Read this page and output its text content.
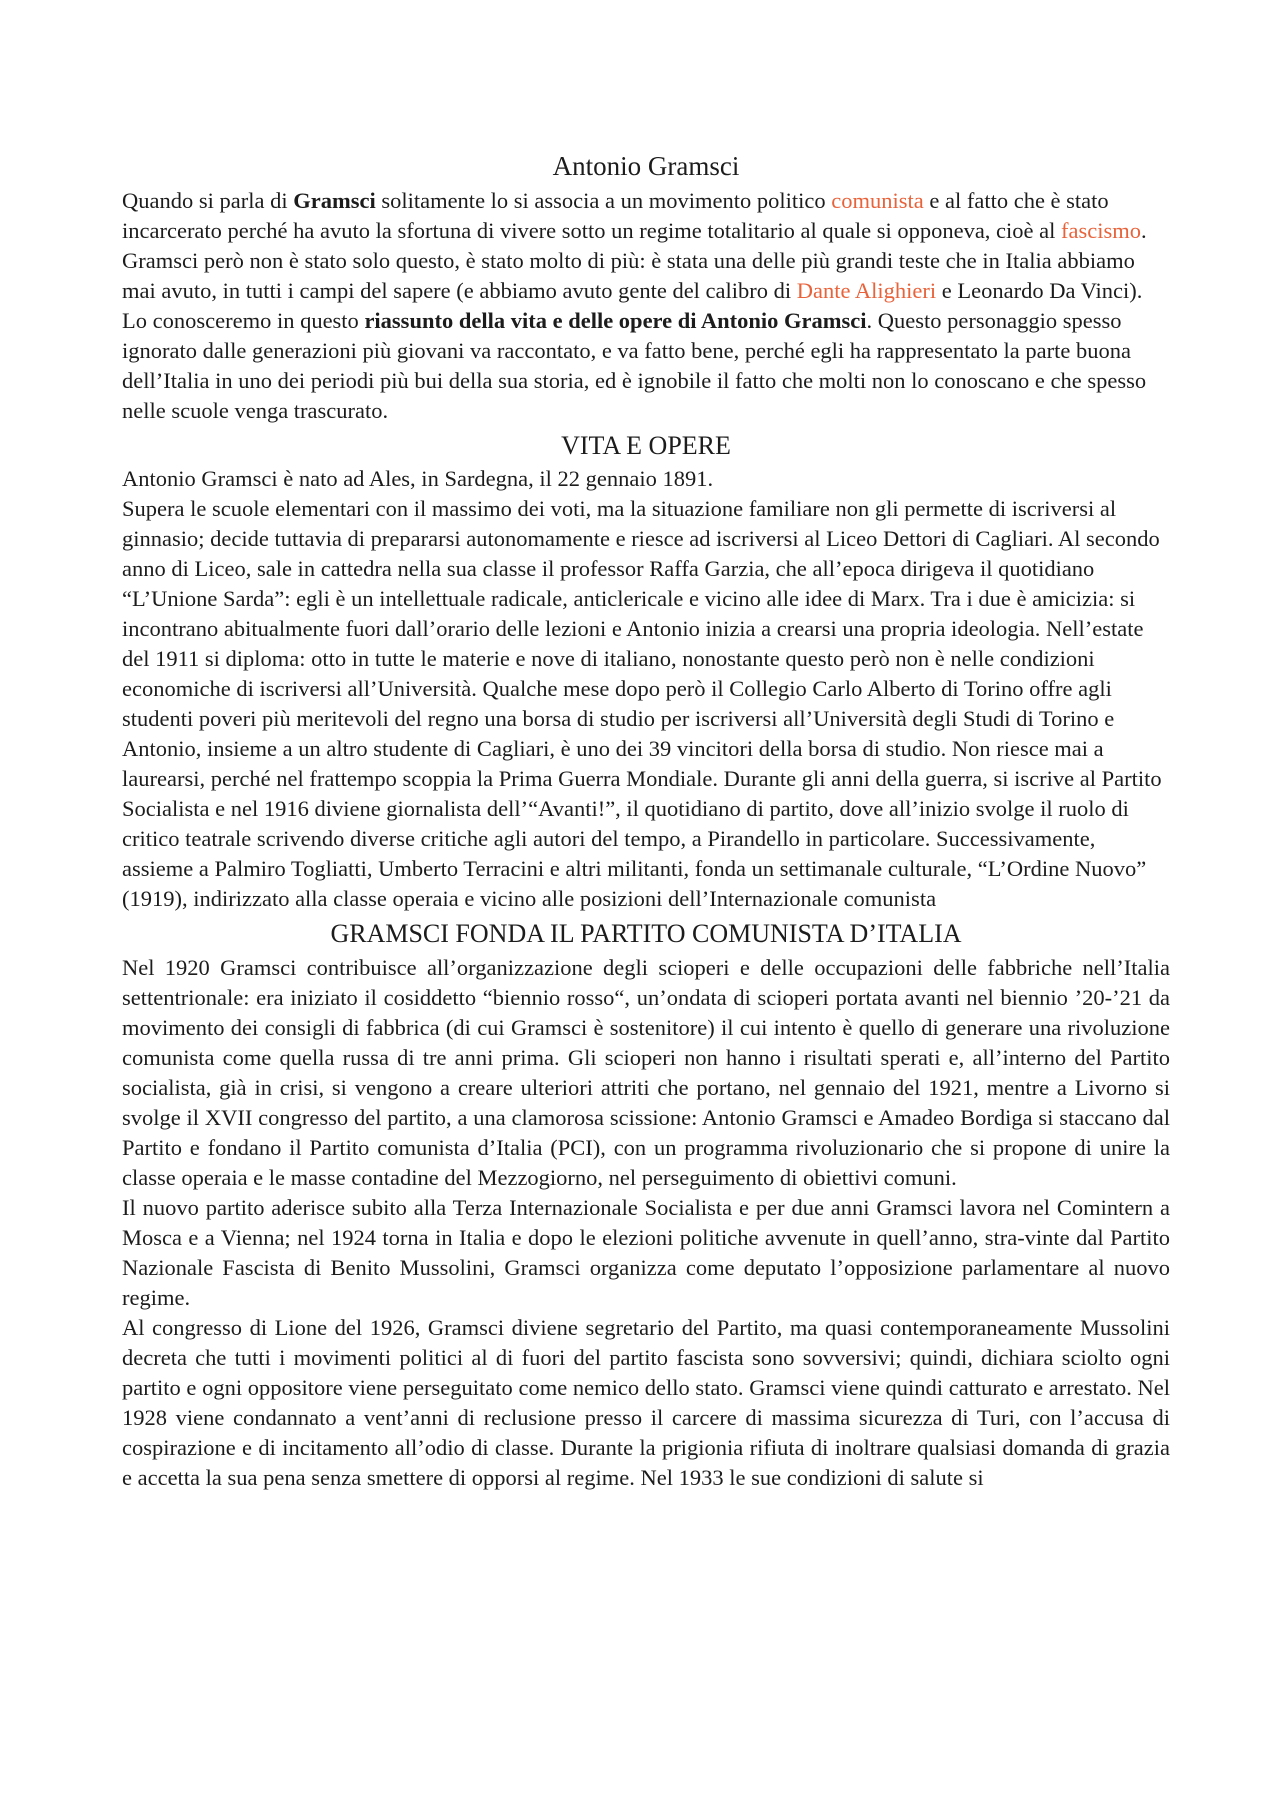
Antonio Gramsci

Quando si parla di Gramsci solitamente lo si associa a un movimento politico comunista e al fatto che è stato incarcerato perché ha avuto la sfortuna di vivere sotto un regime totalitario al quale si opponeva, cioè al fascismo. Gramsci però non è stato solo questo, è stato molto di più: è stata una delle più grandi teste che in Italia abbiamo mai avuto, in tutti i campi del sapere (e abbiamo avuto gente del calibro di Dante Alighieri e Leonardo Da Vinci). Lo conosceremo in questo riassunto della vita e delle opere di Antonio Gramsci. Questo personaggio spesso ignorato dalle generazioni più giovani va raccontato, e va fatto bene, perché egli ha rappresentato la parte buona dell’Italia in uno dei periodi più bui della sua storia, ed è ignobile il fatto che molti non lo conoscano e che spesso nelle scuole venga trascurato.

VITA E OPERE

Antonio Gramsci è nato ad Ales, in Sardegna, il 22 gennaio 1891.

Supera le scuole elementari con il massimo dei voti, ma la situazione familiare non gli permette di iscriversi al ginnasio; decide tuttavia di prepararsi autonomamente e riesce ad iscriversi al Liceo Dettori di Cagliari. Al secondo anno di Liceo, sale in cattedra nella sua classe il professor Raffa Garzia, che all’epoca dirigeva il quotidiano “L’Unione Sarda”: egli è un intellettuale radicale, anticlericale e vicino alle idee di Marx. Tra i due è amicizia: si incontrano abitualmente fuori dall’orario delle lezioni e Antonio inizia a crearsi una propria ideologia. Nell’estate del 1911 si diploma: otto in tutte le materie e nove di italiano, nonostante questo però non è nelle condizioni economiche di iscriversi all’Università. Qualche mese dopo però il Collegio Carlo Alberto di Torino offre agli studenti poveri più meritevoli del regno una borsa di studio per iscriversi all’Università degli Studi di Torino e Antonio, insieme a un altro studente di Cagliari, è uno dei 39 vincitori della borsa di studio. Non riesce mai a laurearsi, perché nel frattempo scoppia la Prima Guerra Mondiale. Durante gli anni della guerra, si iscrive al Partito Socialista e nel 1916 diviene giornalista dell’“Avanti!”, il quotidiano di partito, dove all’inizio svolge il ruolo di critico teatrale scrivendo diverse critiche agli autori del tempo, a Pirandello in particolare. Successivamente, assieme a Palmiro Togliatti, Umberto Terracini e altri militanti, fonda un settimanale culturale, “L’Ordine Nuovo” (1919), indirizzato alla classe operaia e vicino alle posizioni dell’Internazionale comunista

GRAMSCI FONDA IL PARTITO COMUNISTA D’ITALIA

Nel 1920 Gramsci contribuisce all’organizzazione degli scioperi e delle occupazioni delle fabbriche nell’Italia settentrionale: era iniziato il cosiddetto “biennio rosso“, un’ondata di scioperi portata avanti nel biennio ’20-’21 da movimento dei consigli di fabbrica (di cui Gramsci è sostenitore) il cui intento è quello di generare una rivoluzione comunista come quella russa di tre anni prima. Gli scioperi non hanno i risultati sperati e, all’interno del Partito socialista, già in crisi, si vengono a creare ulteriori attriti che portano, nel gennaio del 1921, mentre a Livorno si svolge il XVII congresso del partito, a una clamorosa scissione: Antonio Gramsci e Amadeo Bordiga si staccano dal Partito e fondano il Partito comunista d’Italia (PCI), con un programma rivoluzionario che si propone di unire la classe operaia e le masse contadine del Mezzogiorno, nel perseguimento di obiettivi comuni.

Il nuovo partito aderisce subito alla Terza Internazionale Socialista e per due anni Gramsci lavora nel Comintern a Mosca e a Vienna; nel 1924 torna in Italia e dopo le elezioni politiche avvenute in quell’anno, stra-vinte dal Partito Nazionale Fascista di Benito Mussolini, Gramsci organizza come deputato l’opposizione parlamentare al nuovo regime.

Al congresso di Lione del 1926, Gramsci diviene segretario del Partito, ma quasi contemporaneamente Mussolini decreta che tutti i movimenti politici al di fuori del partito fascista sono sovversivi; quindi, dichiara sciolto ogni partito e ogni oppositore viene perseguitato come nemico dello stato. Gramsci viene quindi catturato e arrestato. Nel 1928 viene condannato a vent’anni di reclusione presso il carcere di massima sicurezza di Turi, con l’accusa di cospirazione e di incitamento all’odio di classe. Durante la prigionia rifiuta di inoltrare qualsiasi domanda di grazia e accetta la sua pena senza smettere di opporsi al regime. Nel 1933 le sue condizioni di salute si
